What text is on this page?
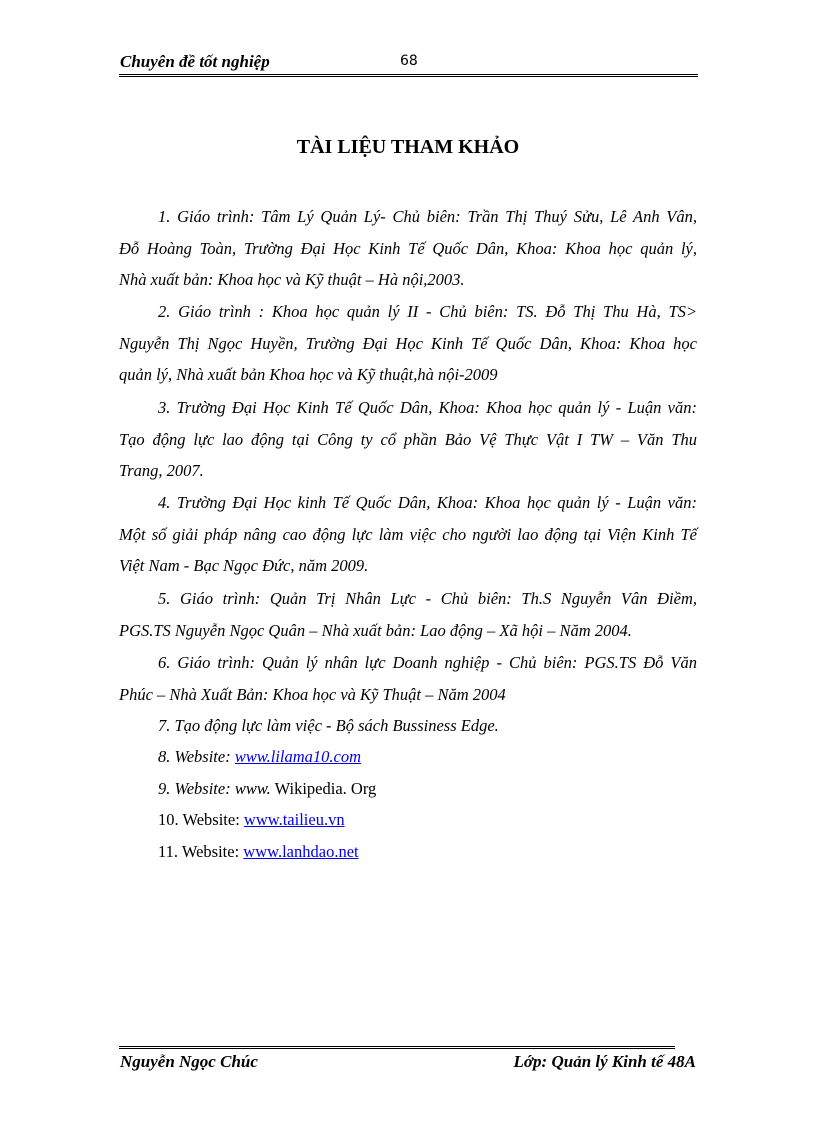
Chuyên đề tốt nghiệp	68
TÀI LIỆU THAM KHẢO
1. Giáo trình: Tâm Lý Quản Lý- Chủ biên: Trần Thị Thuý Sửu, Lê Anh Vân,
Đỗ Hoàng Toàn, Trường Đại Học Kinh Tế Quốc Dân, Khoa: Khoa học quản lý,
Nhà xuất bản: Khoa học và Kỹ thuật – Hà nội,2003.
2. Giáo trình : Khoa học quản lý II - Chủ biên: TS. Đỗ Thị Thu Hà, TS>
Nguyễn Thị Ngọc Huyền, Trường Đại Học Kinh Tế Quốc Dân, Khoa: Khoa học
quản lý, Nhà xuất bản Khoa học và Kỹ thuật,hà nội-2009
3. Trường Đại Học Kinh Tế Quốc Dân, Khoa: Khoa học quản lý - Luận văn:
Tạo động lực lao động tại Công ty cổ phần Bảo Vệ Thực Vật I TW – Văn Thu
Trang, 2007.
4. Trường Đại Học kinh Tế Quốc Dân, Khoa: Khoa học quản lý - Luận văn:
Một số giải pháp nâng cao động lực làm việc cho người lao động tại Viện Kinh Tế
Việt Nam - Bạc Ngọc Đức, năm 2009.
5. Giáo trình: Quản Trị Nhân Lực - Chủ biên: Th.S Nguyễn Vân Điềm,
PGS.TS Nguyễn Ngọc Quân – Nhà xuất bản: Lao động – Xã hội – Năm 2004.
6. Giáo trình: Quản lý nhân lực Doanh nghiệp - Chủ biên: PGS.TS Đỗ Văn
Phúc – Nhà Xuất Bản: Khoa học và Kỹ Thuật – Năm 2004
7. Tạo động lực làm việc - Bộ sách Bussiness Edge.
8. Website: www.lilama10.com
9. Website: www. Wikipedia. Org
10. Website: www.tailieu.vn
11. Website: www.lanhdao.net
Nguyễn Ngọc Chúc	Lớp: Quản lý Kinh tế 48A
